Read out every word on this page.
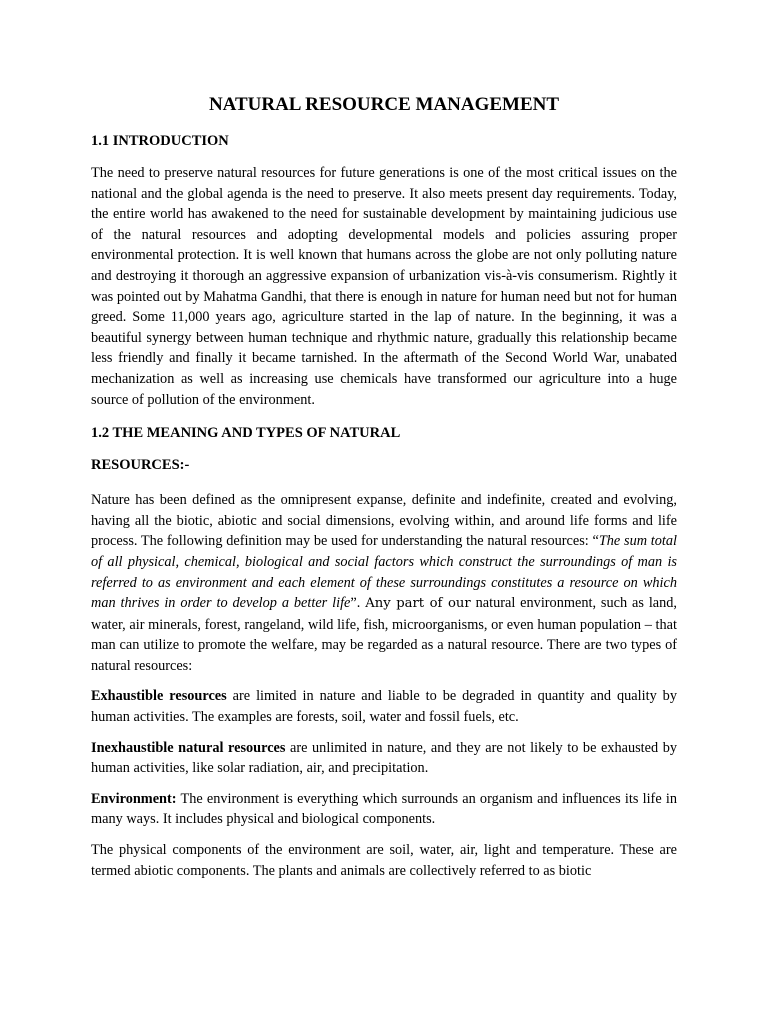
NATURAL RESOURCE MANAGEMENT
1.1 INTRODUCTION

The need to preserve natural resources for future generations is one of the most critical issues on the national and the global agenda is the need to preserve. It also meets present day requirements. Today, the entire world has awakened to the need for sustainable development by maintaining judicious use of the natural resources and adopting developmental models and policies assuring proper environmental protection. It is well known that humans across the globe are not only polluting nature and destroying it thorough an aggressive expansion of urbanization vis-à-vis consumerism. Rightly it was pointed out by Mahatma Gandhi, that there is enough in nature for human need but not for human greed. Some 11,000 years ago, agriculture started in the lap of nature. In the beginning, it was a beautiful synergy between human technique and rhythmic nature, gradually this relationship became less friendly and finally it became tarnished. In the aftermath of the Second World War, unabated mechanization as well as increasing use chemicals have transformed our agriculture into a huge source of pollution of the environment.

1.2 THE MEANING AND TYPES OF NATURAL
RESOURCES:-

Nature has been defined as the omnipresent expanse, definite and indefinite, created and evolving, having all the biotic, abiotic and social dimensions, evolving within, and around life forms and life process. The following definition may be used for understanding the natural resources: “The sum total of all physical, chemical, biological and social factors which construct the surroundings of man is referred to as environment and each element of these surroundings constitutes a resource on which man thrives in order to develop a better life”. Any part of our natural environment, such as land, water, air minerals, forest, rangeland, wild life, fish, microorganisms, or even human population – that man can utilize to promote the welfare, may be regarded as a natural resource. There are two types of natural resources:

Exhaustible resources are limited in nature and liable to be degraded in quantity and quality by human activities. The examples are forests, soil, water and fossil fuels, etc.

Inexhaustible natural resources are unlimited in nature, and they are not likely to be exhausted by human activities, like solar radiation, air, and precipitation.

Environment: The environment is everything which surrounds an organism and influences its life in many ways. It includes physical and biological components.

The physical components of the environment are soil, water, air, light and temperature. These are termed abiotic components. The plants and animals are collectively referred to as biotic
